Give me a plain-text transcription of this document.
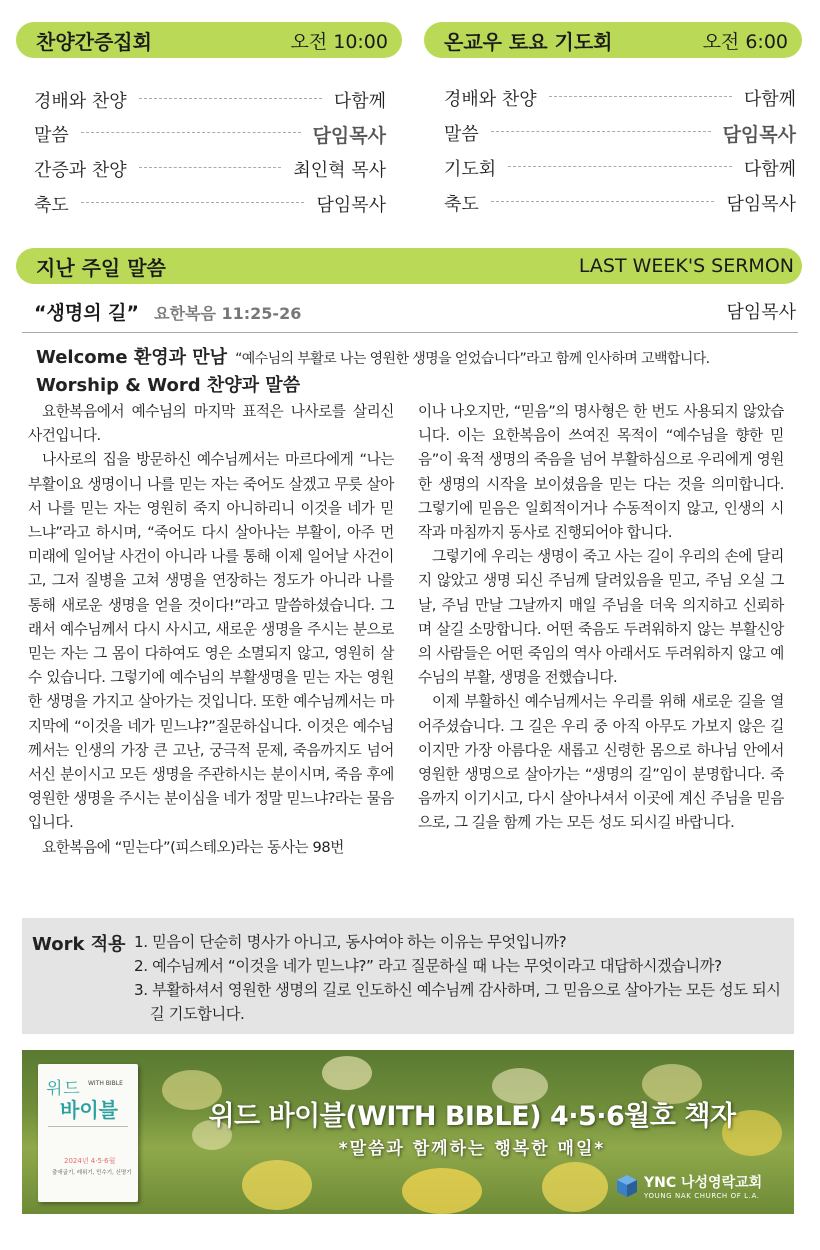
찬양간증집회	오전 10:00	온교우 토요 기도회	오전 6:00
경배와 찬양	다함께
말씀	담임목사
간증과 찬양	최인혁 목사
축도	담임목사
경배와 찬양	다함께
말씀	담임목사
기도회	다함께
축도	담임목사
지난 주일 말씀	LAST WEEK'S SERMON
“생명의 길” 요한복음 11:25-26	담임목사
Welcome 환영과 만남 “예수님의 부활로 나는 영원한 생명을 얻었습니다”라고 함께 인사하며 고백합니다.
Worship & Word 찬양과 말씀

요한복음에서 예수님의 마지막 표적은 나사로를 살리신 사건입니다.

나사로의 집을 방문하신 예수님께서는 마르다에게 “나는 부활이요 생명이니 나를 믿는 자는 죽어도 살겠고 무릇 살아서 나를 믿는 자는 영원히 죽지 아니하리니 이것을 네가 믿느냐”라고 하시며, “죽어도 다시 살아나는 부활이, 아주 먼 미래에 일어날 사건이 아니라 나를 통해 이제 일어날 사건이고, 그저 질병을 고쳐 생명을 연장하는 정도가 아니라 나를 통해 새로운 생명을 얻을 것이다!”라고 말씀하셨습니다. 그래서 예수님께서 다시 사시고, 새로운 생명을 주시는 분으로 믿는 자는 그 몸이 다하여도 영은 소멸되지 않고, 영원히 살 수 있습니다. 그렇기에 예수님의 부활생명을 믿는 자는 영원한 생명을 가지고 살아가는 것입니다. 또한 예수님께서는 마지막에 “이것을 네가 믿느냐?”질문하십니다. 이것은 예수님께서는 인생의 가장 큰 고난, 궁극적 문제, 죽음까지도 넘어서신 분이시고 모든 생명을 주관하시는 분이시며, 죽음 후에 영원한 생명을 주시는 분이심을 네가 정말 믿느냐?라는 물음입니다.

요한복음에 “믿는다”(피스테오)라는 동사는 98번

이나 나오지만, “믿음”의 명사형은 한 번도 사용되지 않았습니다. 이는 요한복음이 쓰여진 목적이 “예수님을 향한 믿음”이 육적 생명의 죽음을 넘어 부활하심으로 우리에게 영원한 생명의 시작을 보이셨음을 믿는 다는 것을 의미합니다. 그렇기에 믿음은 일회적이거나 수동적이지 않고, 인생의 시작과 마침까지 동사로 진행되어야 합니다.

그렇기에 우리는 생명이 죽고 사는 길이 우리의 손에 달리지 않았고 생명 되신 주님께 달려있음을 믿고, 주님 오실 그날, 주님 만날 그날까지 매일 주님을 더욱 의지하고 신뢰하며 살길 소망합니다. 어떤 죽음도 두려워하지 않는 부활신앙의 사람들은 어떤 죽임의 역사 아래서도 두려워하지 않고 예수님의 부활, 생명을 전했습니다.

이제 부활하신 예수님께서는 우리를 위해 새로운 길을 열어주셨습니다. 그 길은 우리 중 아직 아무도 가보지 않은 길이지만 가장 아름다운 새롭고 신령한 몸으로 하나님 안에서 영원한 생명으로 살아가는 “생명의 길”임이 분명합니다. 죽음까지 이기시고, 다시 살아나셔서 이곳에 계신 주님을 믿음으로, 그 길을 함께 가는 모든 성도 되시길 바랍니다.

Work 적용 1. 믿음이 단순히 명사가 아니고, 동사여야 하는 이유는 무엇입니까?
2. 예수님께서 “이것을 네가 믿느냐?” 라고 질문하실 때 나는 무엇이라고 대답하시겠습니까?
3. 부활하셔서 영원한 생명의 길로 인도하신 예수님께 감사하며, 그 믿음으로 살아가는 모든 성도 되시길 기도합니다.
위드 WITH BIBLE
바이블
2024년 4·5·6월
출애굽기, 레위기, 민수기, 신명기
위드 바이블(WITH BIBLE) 4·5·6월호 책자
*말씀과 함께하는 행복한 매일*
YNC 나성영락교회
YOUNG NAK CHURCH OF L.A.
